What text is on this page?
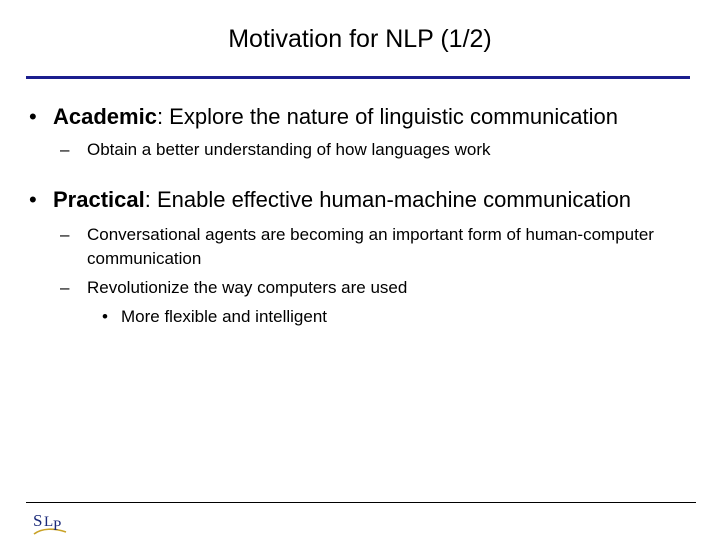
Motivation for NLP (1/2)
• Academic: Explore the nature of linguistic communication
– Obtain a better understanding of how languages work
• Practical: Enable effective human-machine communication
– Conversational agents are becoming an important form of human-computer communication
– Revolutionize the way computers are used
• More flexible and intelligent
S L P
